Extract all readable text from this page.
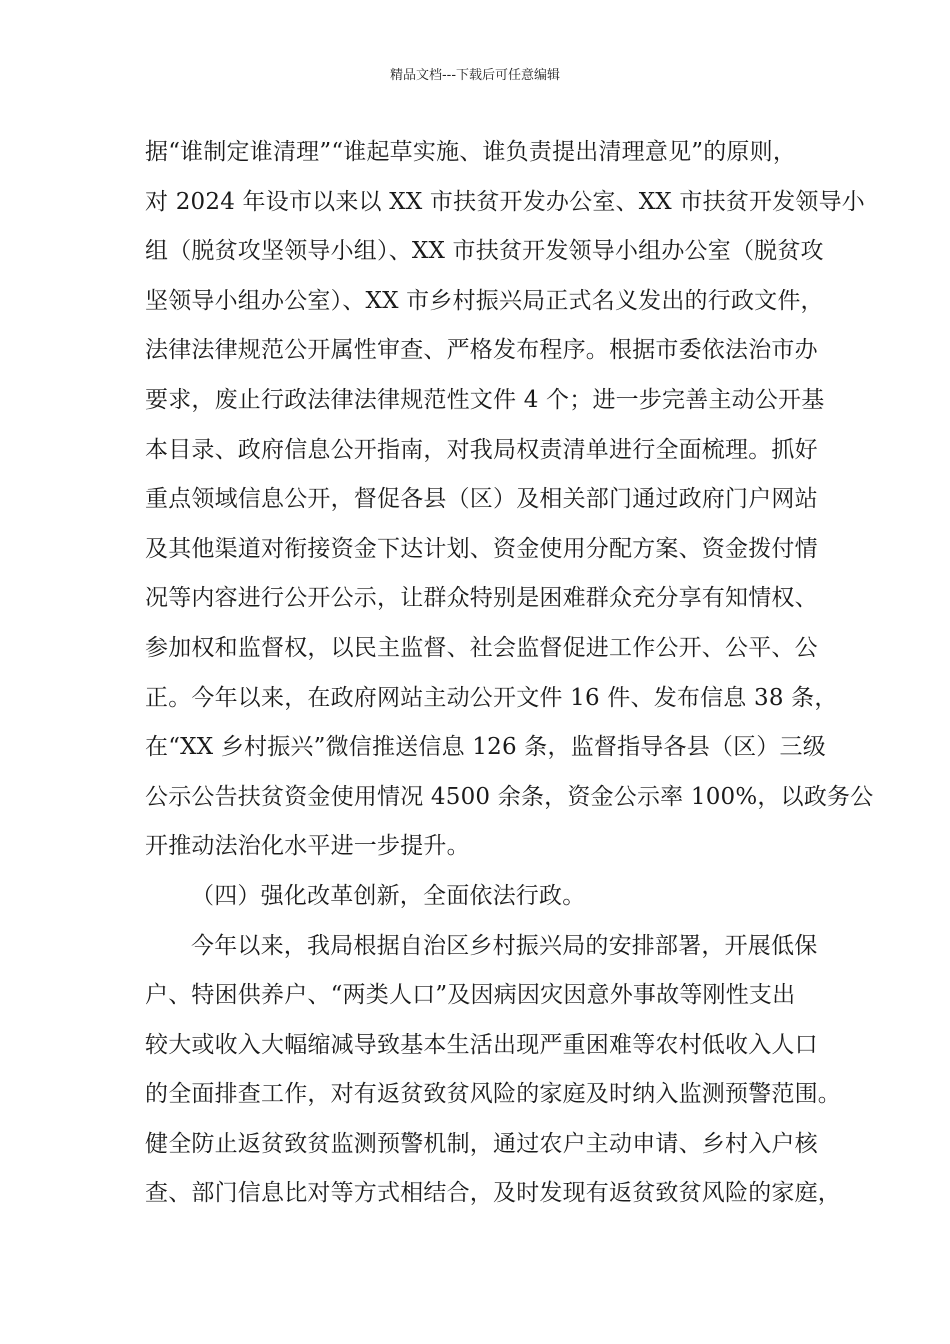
精品文档---下载后可任意编辑
据“谁制定谁清理”“谁起草实施、谁负责提出清理意见”的原则，
对 2024 年设市以来以 XX 市扶贫开发办公室、XX 市扶贫开发领导小
组（脱贫攻坚领导小组）、XX 市扶贫开发领导小组办公室（脱贫攻
坚领导小组办公室）、XX 市乡村振兴局正式名义发出的行政文件，
法律法律规范公开属性审查、严格发布程序。根据市委依法治市办
要求，废止行政法律法律规范性文件 4 个；进一步完善主动公开基
本目录、政府信息公开指南，对我局权责清单进行全面梳理。抓好
重点领域信息公开，督促各县（区）及相关部门通过政府门户网站
及其他渠道对衔接资金下达计划、资金使用分配方案、资金拨付情
况等内容进行公开公示，让群众特别是困难群众充分享有知情权、
参加权和监督权，以民主监督、社会监督促进工作公开、公平、公
正。今年以来，在政府网站主动公开文件 16 件、发布信息 38 条，
在“XX 乡村振兴”微信推送信息 126 条，监督指导各县（区）三级
公示公告扶贫资金使用情况 4500 余条，资金公示率 100%，以政务公
开推动法治化水平进一步提升。
（四）强化改革创新，全面依法行政。
今年以来，我局根据自治区乡村振兴局的安排部署，开展低保
户、特困供养户、“两类人口”及因病因灾因意外事故等刚性支出
较大或收入大幅缩减导致基本生活出现严重困难等农村低收入人口
的全面排查工作，对有返贫致贫风险的家庭及时纳入监测预警范围。
健全防止返贫致贫监测预警机制，通过农户主动申请、乡村入户核
查、部门信息比对等方式相结合，及时发现有返贫致贫风险的家庭，
